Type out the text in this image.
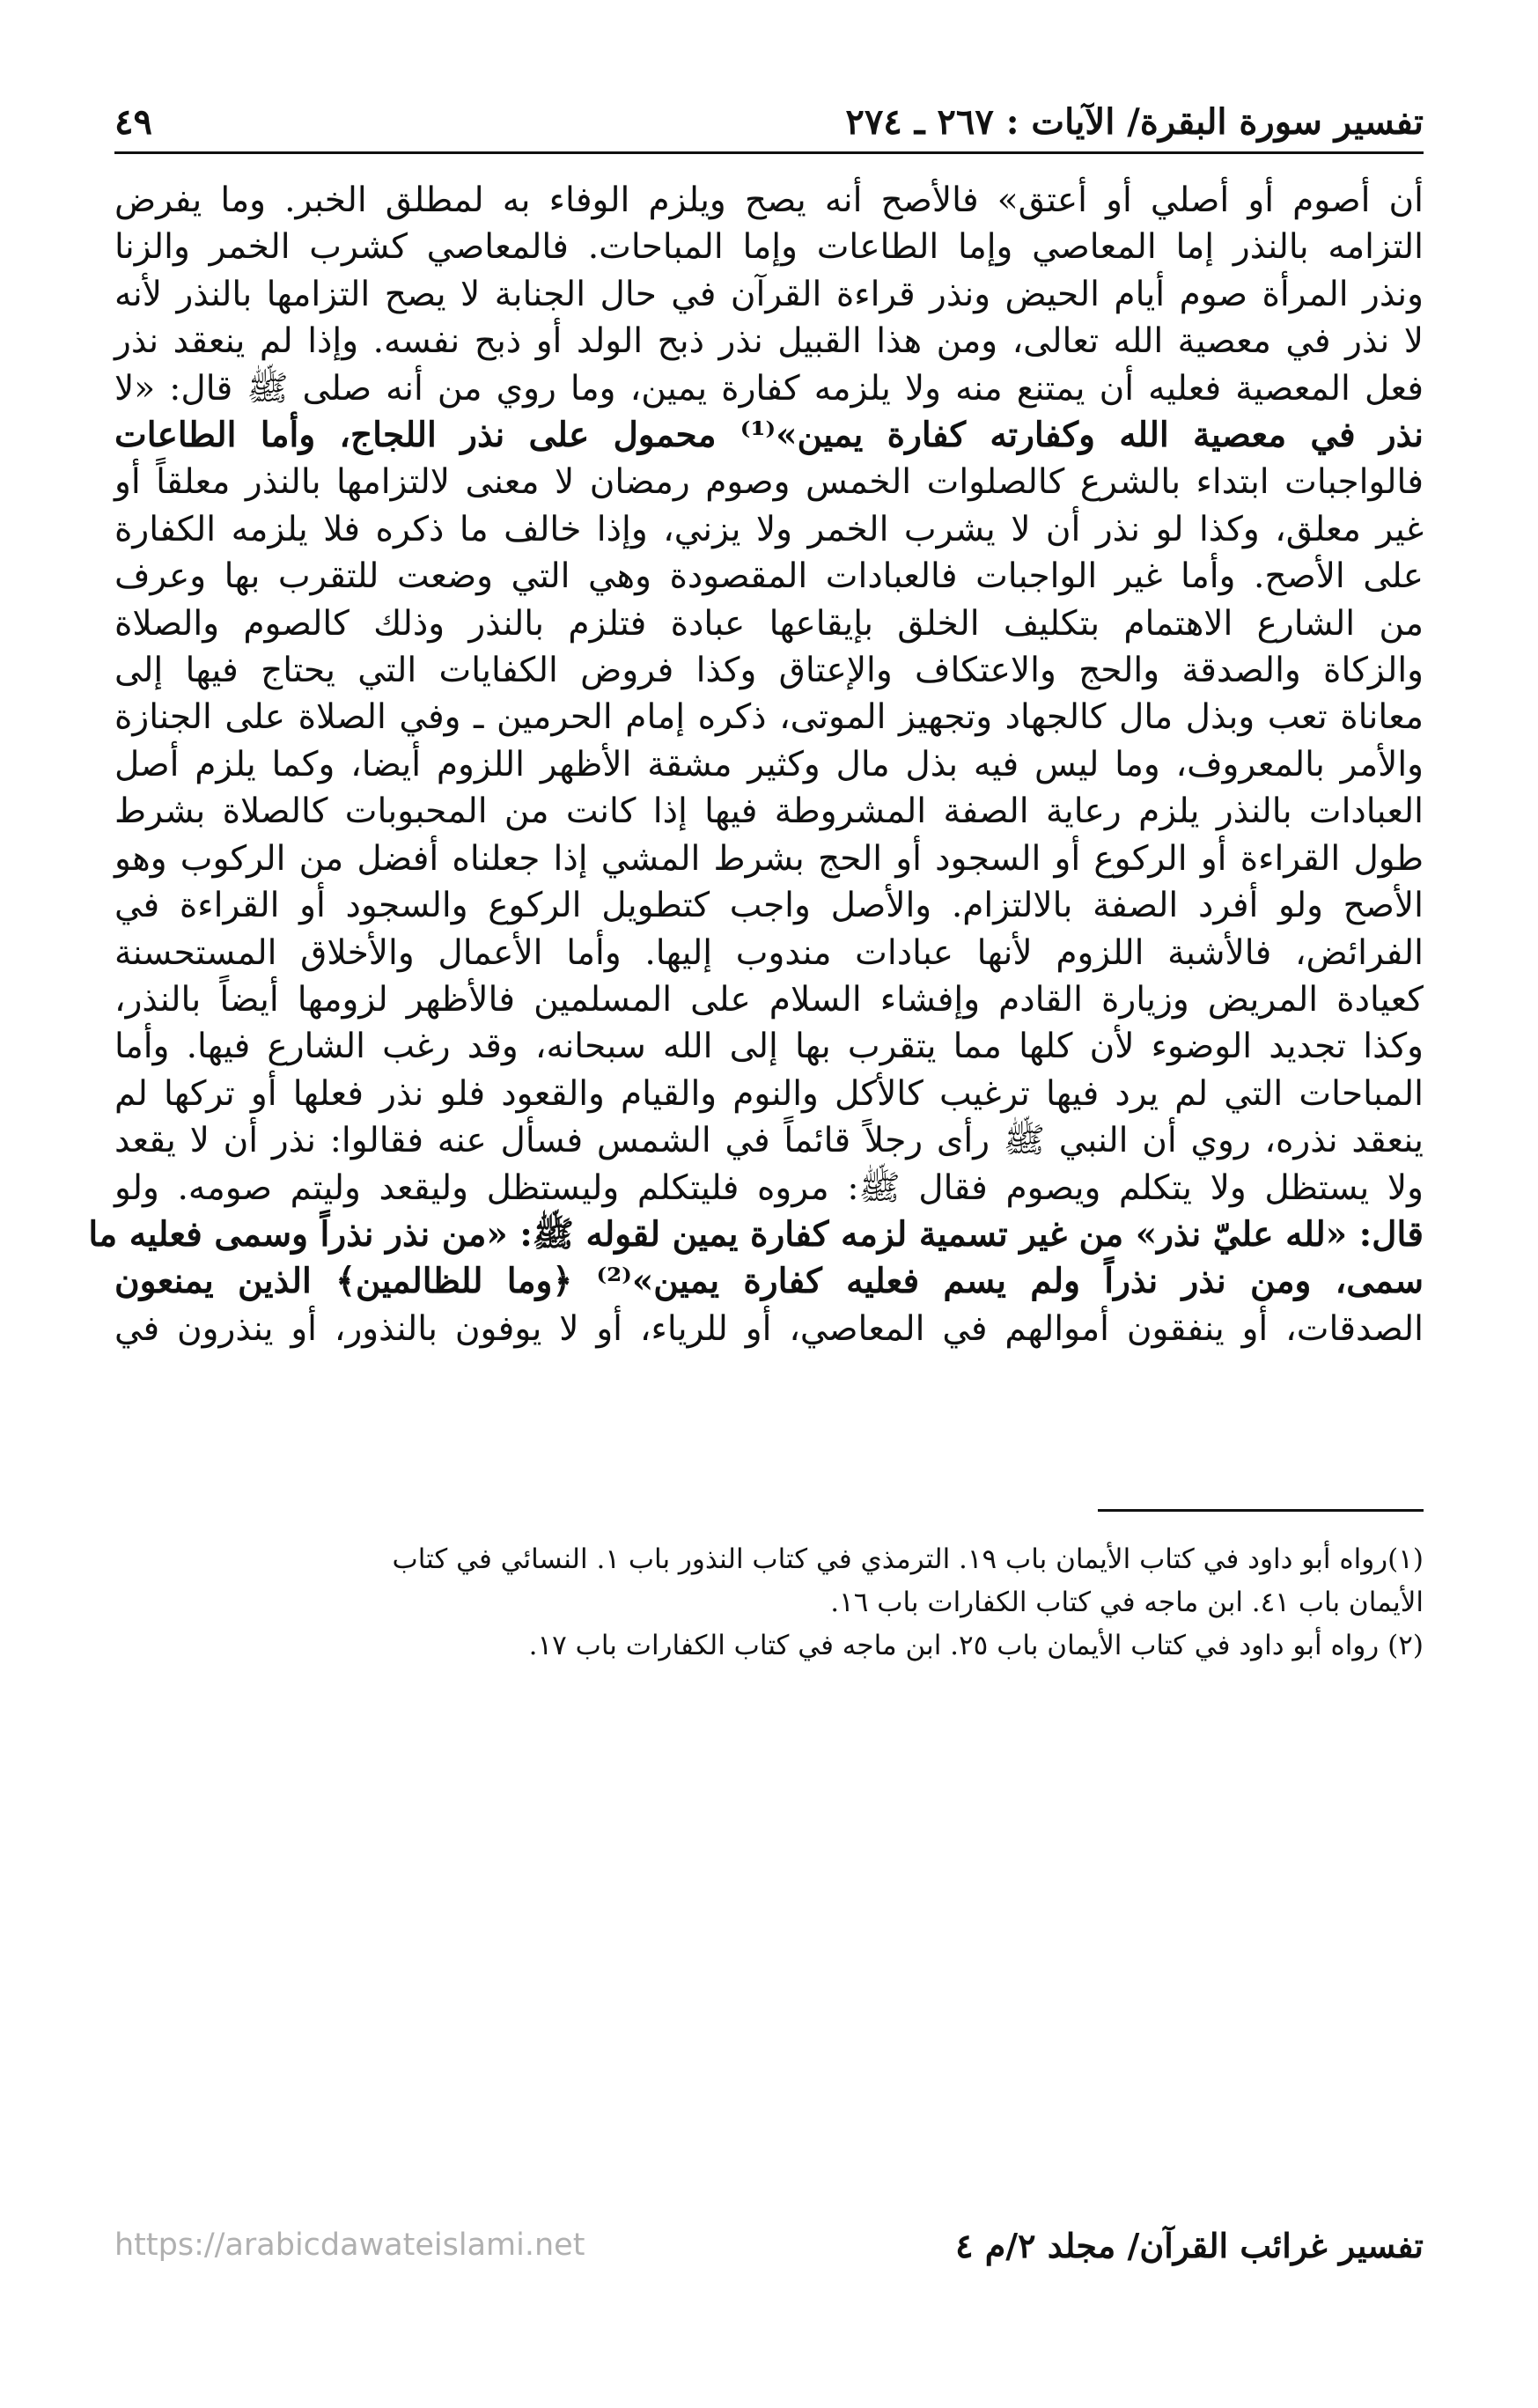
تفسير سورة البقرة/ الآيات : ٢٦٧ ـ ٢٧٤
٤٩
أن أصوم أو أصلي أو أعتق» فالأصح أنه يصح ويلزم الوفاء به لمطلق الخبر. وما يفرض
التزامه بالنذر إما المعاصي وإما الطاعات وإما المباحات. فالمعاصي كشرب الخمر والزنا
ونذر المرأة صوم أيام الحيض ونذر قراءة القرآن في حال الجنابة لا يصح التزامها بالنذر لأنه
لا نذر في معصية الله تعالى، ومن هذا القبيل نذر ذبح الولد أو ذبح نفسه. وإذا لم ينعقد نذر
فعل المعصية فعليه أن يمتنع منه ولا يلزمه كفارة يمين، وما روي من أنه صلى ﷺ قال: «لا
نذر في معصية الله وكفارته كفارة يمين»⁽¹⁾ محمول على نذر اللجاج، وأما الطاعات
فالواجبات ابتداء بالشرع كالصلوات الخمس وصوم رمضان لا معنى لالتزامها بالنذر معلقاً أو
غير معلق، وكذا لو نذر أن لا يشرب الخمر ولا يزني، وإذا خالف ما ذكره فلا يلزمه الكفارة
على الأصح. وأما غير الواجبات فالعبادات المقصودة وهي التي وضعت للتقرب بها وعرف
من الشارع الاهتمام بتكليف الخلق بإيقاعها عبادة فتلزم بالنذر وذلك كالصوم والصلاة
والزكاة والصدقة والحج والاعتكاف والإعتاق وكذا فروض الكفايات التي يحتاج فيها إلى
معاناة تعب وبذل مال كالجهاد وتجهيز الموتى، ذكره إمام الحرمين ـ وفي الصلاة على الجنازة
والأمر بالمعروف، وما ليس فيه بذل مال وكثير مشقة الأظهر اللزوم أيضا، وكما يلزم أصل
العبادات بالنذر يلزم رعاية الصفة المشروطة فيها إذا كانت من المحبوبات كالصلاة بشرط
طول القراءة أو الركوع أو السجود أو الحج بشرط المشي إذا جعلناه أفضل من الركوب وهو
الأصح ولو أفرد الصفة بالالتزام. والأصل واجب كتطويل الركوع والسجود أو القراءة في
الفرائض، فالأشبة اللزوم لأنها عبادات مندوب إليها. وأما الأعمال والأخلاق المستحسنة
كعيادة المريض وزيارة القادم وإفشاء السلام على المسلمين فالأظهر لزومها أيضاً بالنذر،
وكذا تجديد الوضوء لأن كلها مما يتقرب بها إلى الله سبحانه، وقد رغب الشارع فيها. وأما
المباحات التي لم يرد فيها ترغيب كالأكل والنوم والقيام والقعود فلو نذر فعلها أو تركها لم
ينعقد نذره، روي أن النبي ﷺ رأى رجلاً قائماً في الشمس فسأل عنه فقالوا: نذر أن لا يقعد
ولا يستظل ولا يتكلم ويصوم فقال ﷺ: مروه فليتكلم وليستظل وليقعد وليتم صومه. ولو
قال: «لله عليّ نذر» من غير تسمية لزمه كفارة يمين لقوله ﷺ: «من نذر نذراً وسمى فعليه ما
سمى، ومن نذر نذراً ولم يسم فعليه كفارة يمين»⁽²⁾ ﴿وما للظالمين﴾ الذين يمنعون
الصدقات، أو ينفقون أموالهم في المعاصي، أو للرياء، أو لا يوفون بالنذور، أو ينذرون في
(١)رواه أبو داود في كتاب الأيمان باب ١٩. الترمذي في كتاب النذور باب ١. النسائي في كتاب
الأيمان باب ٤١. ابن ماجه في كتاب الكفارات باب ١٦.
(٢) رواه أبو داود في كتاب الأيمان باب ٢٥. ابن ماجه في كتاب الكفارات باب ١٧.
تفسير غرائب القرآن/ مجلد ٢/م ٤
https://arabicdawateislami.net
